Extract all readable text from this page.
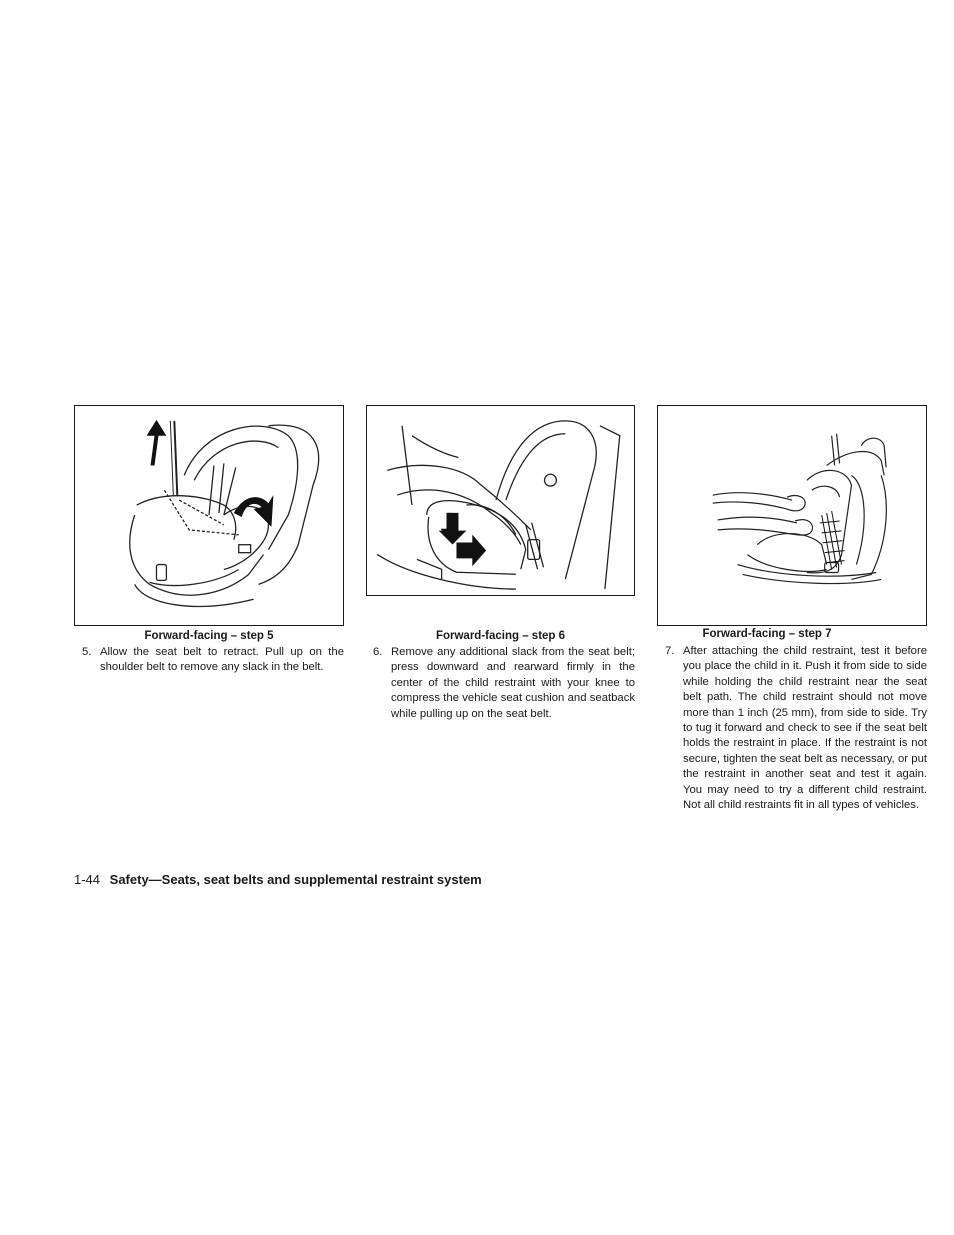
Forward-facing – step 5
5. Allow the seat belt to retract. Pull up on the shoulder belt to remove any slack in the belt.
Forward-facing – step 6
6. Remove any additional slack from the seat belt; press downward and rearward firmly in the center of the child restraint with your knee to compress the vehicle seat cushion and seatback while pulling up on the seat belt.
Forward-facing – step 7
7. After attaching the child restraint, test it before you place the child in it. Push it from side to side while holding the child restraint near the seat belt path. The child restraint should not move more than 1 inch (25 mm), from side to side. Try to tug it forward and check to see if the seat belt holds the restraint in place. If the restraint is not secure, tighten the seat belt as necessary, or put the restraint in another seat and test it again. You may need to try a different child restraint. Not all child restraints fit in all types of vehicles.
1-44 Safety—Seats, seat belts and supplemental restraint system
